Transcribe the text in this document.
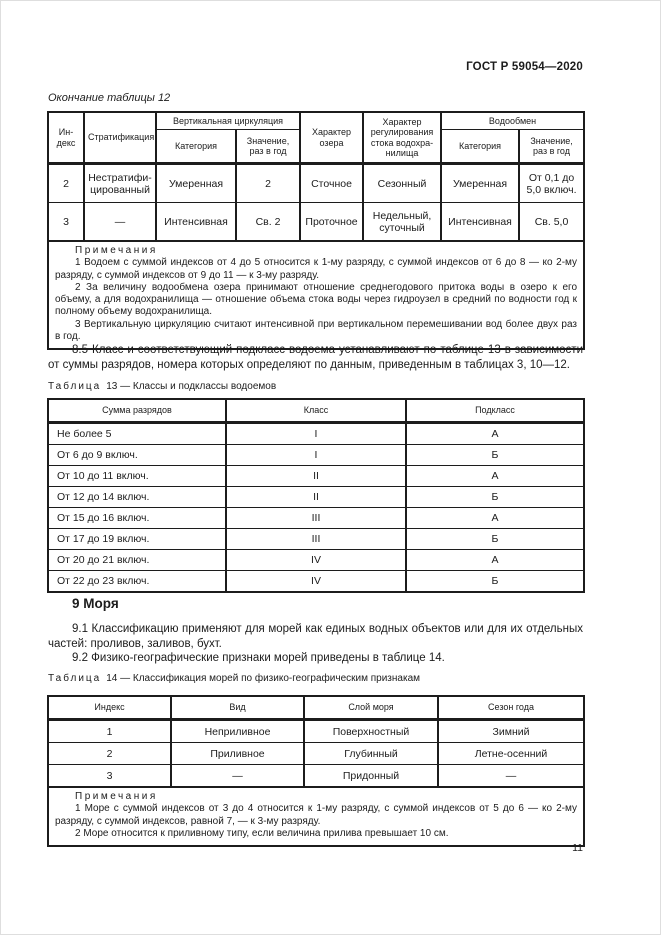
ГОСТ Р 59054—2020
Окончание таблицы 12
Ин-декс	Стратификация	Вертикальная циркуляция		Характер озера	Характер регулирования стока водохра-нилища	Водообмен	
		Категория	Значение, раз в год			Категория	Значение, раз в год
2	Нестратифи-цированный	Умеренная	2	Сточное	Сезонный	Умеренная	От 0,1 до 5,0 включ.
3	—	Интенсивная	Св. 2	Проточное	Недельный, суточный	Интенсивная	Св. 5,0

Примечания

1 Водоем с суммой индексов от 4 до 5 относится к 1-му разряду, с суммой индексов от 6 до 8 — ко 2-му разряду, с суммой индексов от 9 до 11 — к 3-му разряду.

2 За величину водообмена озера принимают отношение среднегодового притока воды в озеро к его объему, а для водохранилища — отношение объема стока воды через гидроузел в средний по водности год к полному объему водохранилища.

3 Вертикальную циркуляцию считают интенсивной при вертикальном перемешивании вод более двух раз в год.							

8.5 Класс и соответствующий подкласс водоема устанавливают по таблице 13 в зависимости от суммы разрядов, номера которых определяют по данным, приведенным в таблицах 3, 10—12.

Таблица 13 — Классы и подклассы водоемов
Сумма разрядов	Класс	Подкласс
Не более 5	I	А
От 6 до 9 включ.	I	Б
От 10 до 11 включ.	II	А
От 12 до 14 включ.	II	Б
От 15 до 16 включ.	III	А
От 17 до 19 включ.	III	Б
От 20 до 21 включ.	IV	А
От 22 до 23 включ.	IV	Б
9 Моря

9.1 Классификацию применяют для морей как единых водных объектов или для их отдельных частей: проливов, заливов, бухт.

9.2 Физико-географические признаки морей приведены в таблице 14.

Таблица 14 — Классификация морей по физико-географическим признакам
Индекс	Вид	Слой моря	Сезон года
1	Неприливное	Поверхностный	Зимний
2	Приливное	Глубинный	Летне-осенний
3	—	Придонный	—

Примечания

1 Море с суммой индексов от 3 до 4 относится к 1-му разряду, с суммой индексов от 5 до 6 — ко 2-му разряду, с суммой индексов, равной 7, — к 3-му разряду.

2 Море относится к приливному типу, если величина прилива превышает 10 см.			

11
